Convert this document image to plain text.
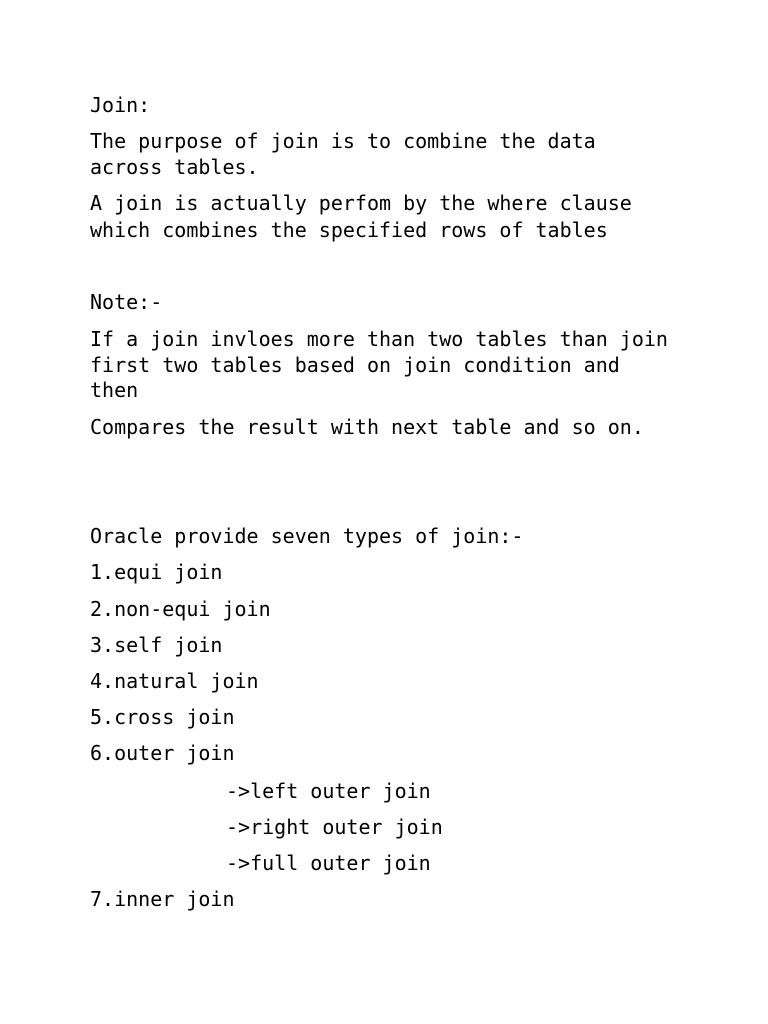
Join:

The purpose of join is to combine the data

across tables.

A join is actually perfom by the where clause

which combines the specified rows of tables

Note:-

If a join invloes more than two tables than join

first two tables based on join condition and

then

Compares the result with next table and so on.

Oracle provide seven types of join:-

1.equi join

2.non-equi join

3.self join

4.natural join

5.cross join

6.outer join

->left outer join

->right outer join

->full outer join

7.inner join
